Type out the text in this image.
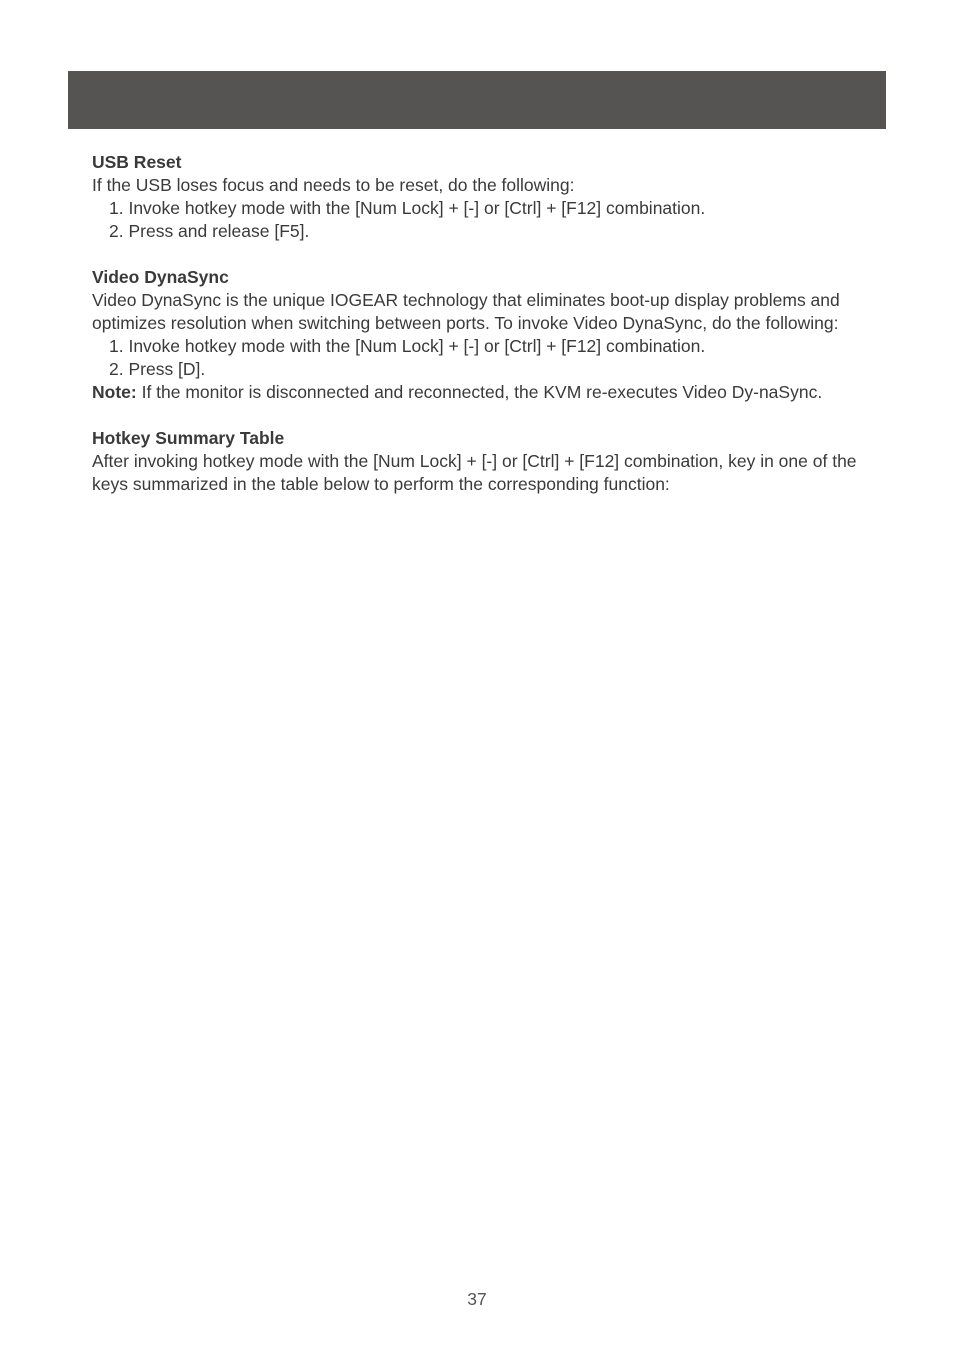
USB Reset
If the USB loses focus and needs to be reset, do the following:
1. Invoke hotkey mode with the [Num Lock] + [-] or [Ctrl] + [F12] combination.
2. Press and release [F5].
Video DynaSync
Video DynaSync is the unique IOGEAR technology that eliminates boot-up display problems and optimizes resolution when switching between ports. To invoke Video DynaSync, do the following:
1. Invoke hotkey mode with the [Num Lock] + [-] or [Ctrl] + [F12] combination.
2. Press [D].
Note: If the monitor is disconnected and reconnected, the KVM re-executes Video Dy-naSync.
Hotkey Summary Table
After invoking hotkey mode with the [Num Lock] + [-] or [Ctrl] + [F12] combination, key in one of the keys summarized in the table below to perform the corresponding function:
37
